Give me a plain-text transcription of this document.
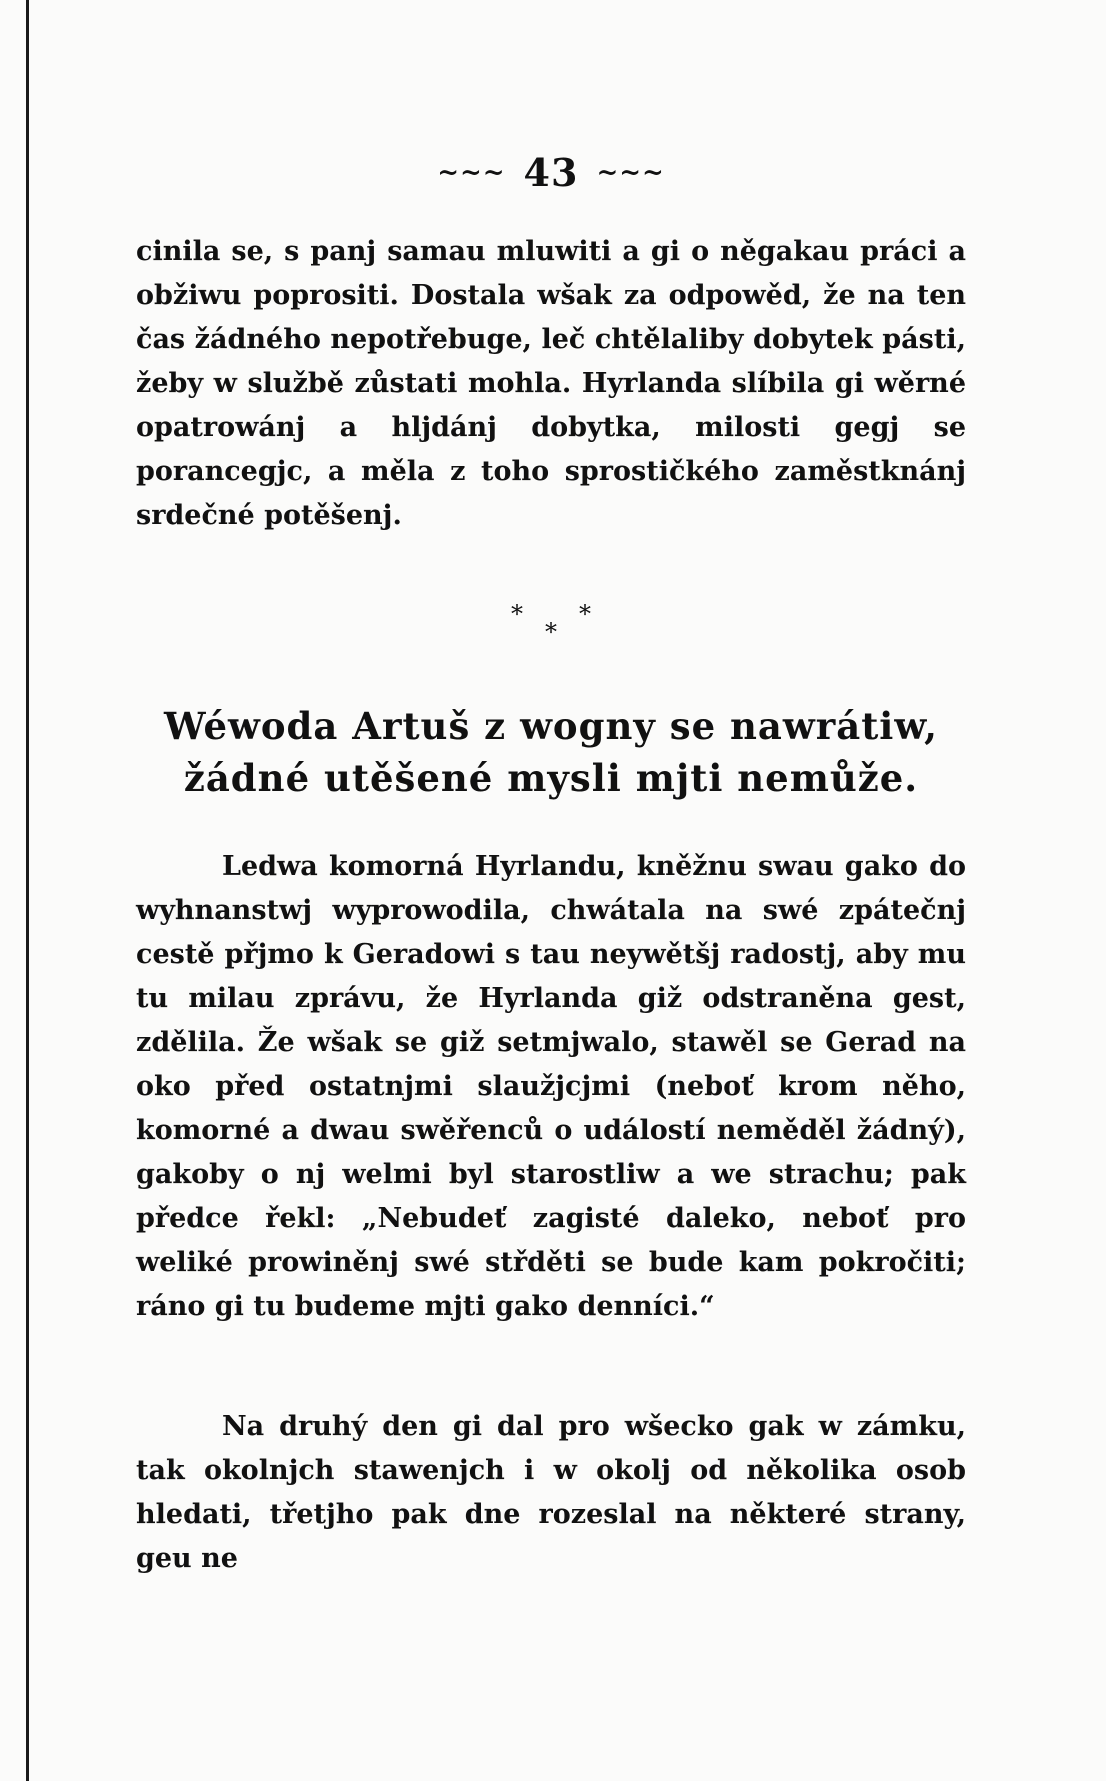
~~~ 43 ~~~
cinila se, s panj samau mluwiti a gi o něgakau práci a obžiwu poprositi. Dostala wšak za odpowěd, že na ten čas žádného nepotřebuge, leč chtělaliby dobytek pásti, žeby w službě zůstati mohla. Hyrlanda slíbila gi wěrné opatrowánj a hljdánj dobytka, milosti gegj se porancegjc, a měla z toho sprostičkého zaměstknánj srdečné potěšenj.
*
*
*
Wéwoda Artuš z wogny se nawrátiw,
žádné utěšené mysli mjti nemůže.
Ledwa komorná Hyrlandu, kněžnu swau gako do wyhnanstwj wyprowodila, chwátala na swé zpátečnj cestě přjmo k Geradowi s tau neywětšj radostj, aby mu tu milau zprávu, že Hyrlanda giž odstraněna gest, zdělila. Že wšak se giž setmjwalo, stawěl se Gerad na oko před ostatnjmi slaužjcjmi (neboť krom něho, komorné a dwau swěřenců o událostí neměděl žádný), gakoby o nj welmi byl starostliw a we strachu; pak předce řekl: „Nebudeť zagisté daleko, neboť pro weliké prowiněnj swé střděti se bude kam pokročiti; ráno gi tu budeme mjti gako denníci.“
Na druhý den gi dal pro wšecko gak w zámku, tak okolnjch stawenjch i w okolj od několika osob hledati, třetjho pak dne rozeslal na některé strany, geu ne
